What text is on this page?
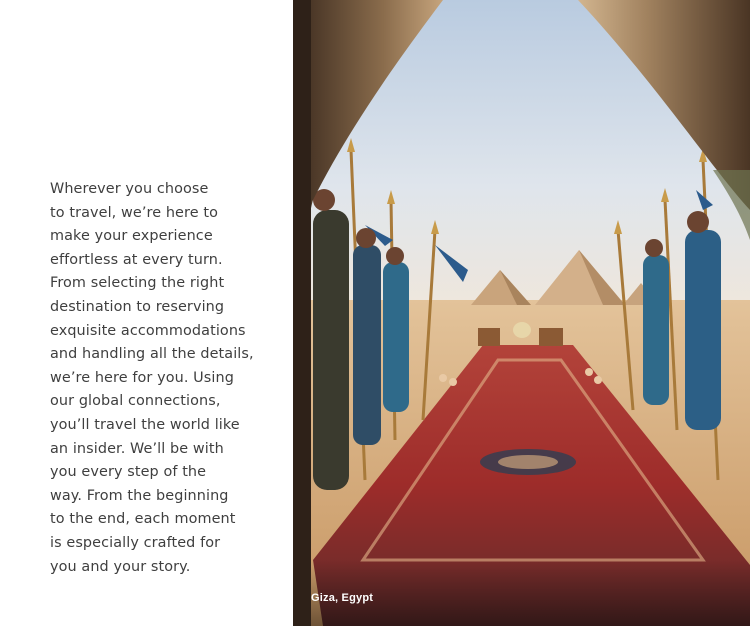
Wherever you choose
to travel, we’re here to
make your experience
effortless at every turn.
From selecting the right
destination to reserving
exquisite accommodations
and handling all the details,
we’re here for you. Using
our global connections,
you’ll travel the world like
an insider. We’ll be with
you every step of the
way. From the beginning
to the end, each moment
is especially crafted for
you and your story.

Giza, Egypt
